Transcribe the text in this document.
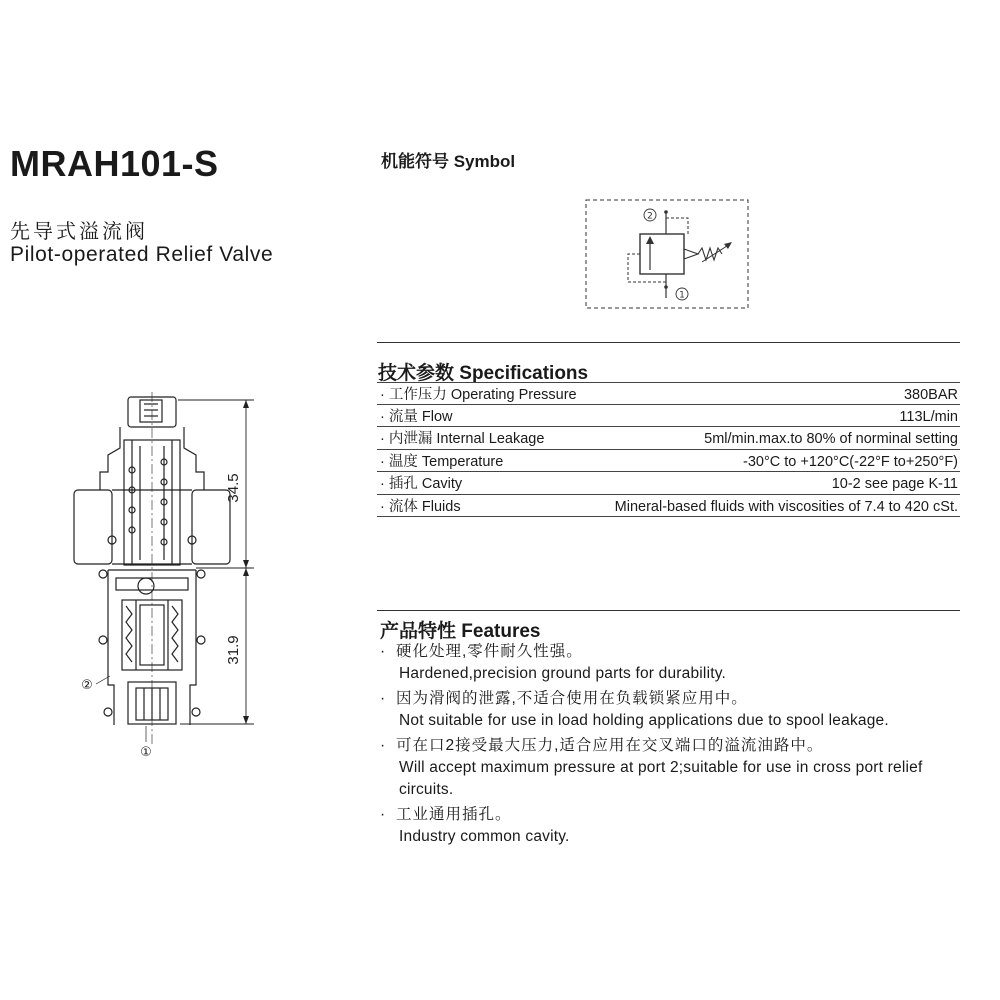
MRAH101-S
先导式溢流阀
Pilot-operated Relief Valve
机能符号 Symbol
2
1
技术参数 Specifications
· 工作压力 Operating Pressure	380BAR
· 流量 Flow	113L/min
· 内泄漏 Internal Leakage	5ml/min.max.to 80% of norminal setting
· 温度 Temperature	-30°C to +120°C(-22°F to+250°F)
· 插孔 Cavity	10-2 see page K-11
· 流体 Fluids	Mineral-based fluids with viscosities of 7.4 to 420 cSt.
产品特性 Features
· 硬化处理,零件耐久性强。
Hardened,precision ground parts for durability.
· 因为滑阀的泄露,不适合使用在负载锁紧应用中。
Not suitable for use in load holding applications due to spool leakage.
· 可在口2接受最大压力,适合应用在交叉端口的溢流油路中。
Will accept maximum pressure at port 2;suitable for use in cross port relief circuits.
· 工业通用插孔。
Industry common cavity.
34.5
31.9
②
①
